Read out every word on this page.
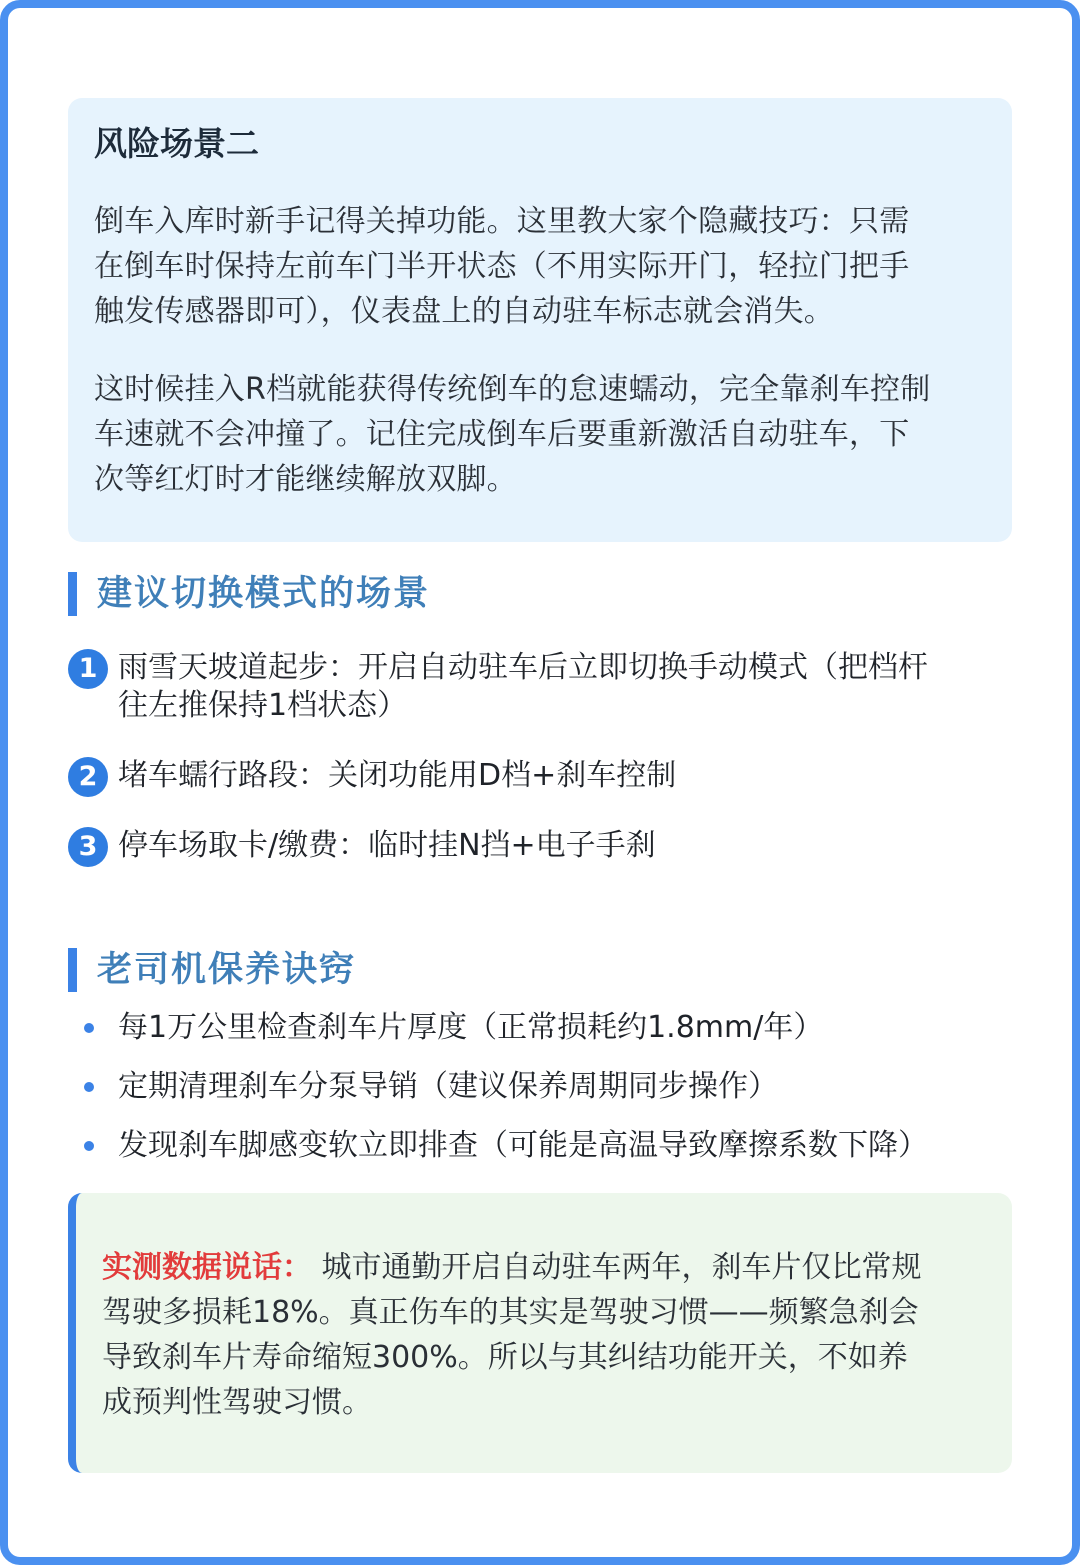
风险场景二
倒车入库时新手记得关掉功能。这里教大家个隐藏技巧：只需
在倒车时保持左前车门半开状态（不用实际开门，轻拉门把手
触发传感器即可），仪表盘上的自动驻车标志就会消失。
这时候挂入R档就能获得传统倒车的怠速蠕动，完全靠刹车控制
车速就不会冲撞了。记住完成倒车后要重新激活自动驻车，下
次等红灯时才能继续解放双脚。
建议切换模式的场景
1 雨雪天坡道起步：开启自动驻车后立即切换手动模式（把档杆
往左推保持1档状态）
2 堵车蠕行路段：关闭功能用D档+刹车控制
3 停车场取卡/缴费：临时挂N挡+电子手刹
老司机保养诀窍
每1万公里检查刹车片厚度（正常损耗约1.8mm/年）
定期清理刹车分泵导销（建议保养周期同步操作）
发现刹车脚感变软立即排查（可能是高温导致摩擦系数下降）
实测数据说话： 城市通勤开启自动驻车两年，刹车片仅比常规
驾驶多损耗18%。真正伤车的其实是驾驶习惯——频繁急刹会
导致刹车片寿命缩短300%。所以与其纠结功能开关，不如养
成预判性驾驶习惯。
